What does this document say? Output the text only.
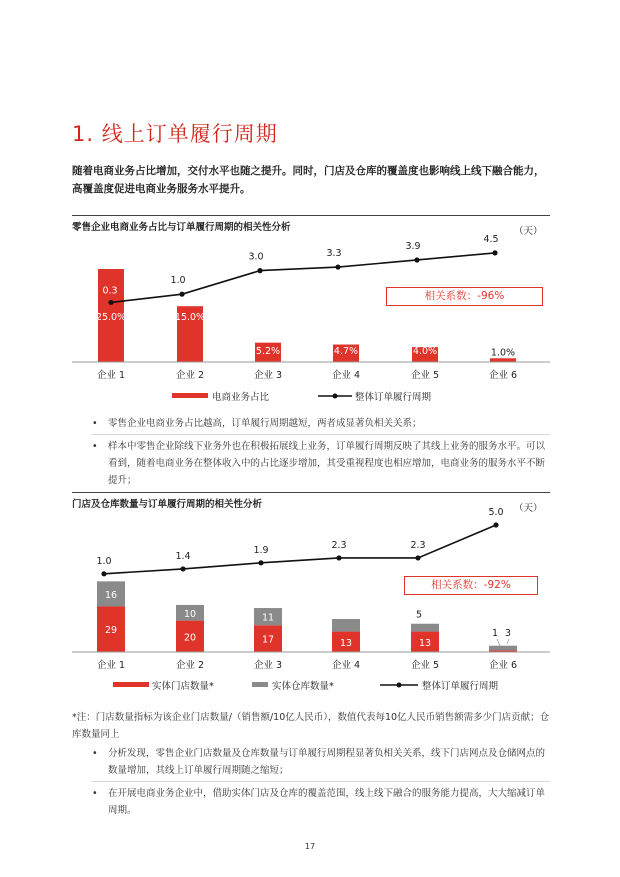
1. 线上订单履行周期
随着电商业务占比增加，交付水平也随之提升。同时，门店及仓库的覆盖度也影响线上线下融合能力，高覆盖度促进电商业务服务水平提升。
零售企业电商业务占比与订单履行周期的相关性分析	（天）
25.0%	15.0%
5.2%	4.7%	4.0%	1.0%
0.3
1.0
3.0	3.3
3.9
4.5
企业 1	企业 2	企业 3	企业 4	企业 5	企业 6
电商业务占比	整体订单履行周期
相关系数：-96%
• 零售企业电商业务占比越高，订单履行周期越短，两者成显著负相关关系；
• 样本中零售企业除线下业务外也在积极拓展线上业务，订单履行周期反映了其线上业务的服务水平。可以看到，随着电商业务在整体收入中的占比逐步增加，其受重视程度也相应增加，电商业务的服务水平不断提升；
门店及仓库数量与订单履行周期的相关性分析	（天）
29
16
20
10
17
11
13	13
5
1 3
1.0	1.4
1.9	2.3	2.3
5.0
企业 1	企业 2	企业 3	企业 4	企业 5	企业 6
实体门店数量*	实体仓库数量*	整体订单履行周期
相关系数：-92%
*注：门店数量指标为该企业门店数量/（销售额/10亿人民币），数值代表每10亿人民币销售额需多少门店贡献；仓库数量同上
• 分析发现，零售企业门店数量及仓库数量与订单履行周期程显著负相关关系，线下门店网点及仓储网点的数量增加，其线上订单履行周期随之缩短；
• 在开展电商业务企业中，借助实体门店及仓库的覆盖范围，线上线下融合的服务能力提高，大大缩减订单周期。
17
